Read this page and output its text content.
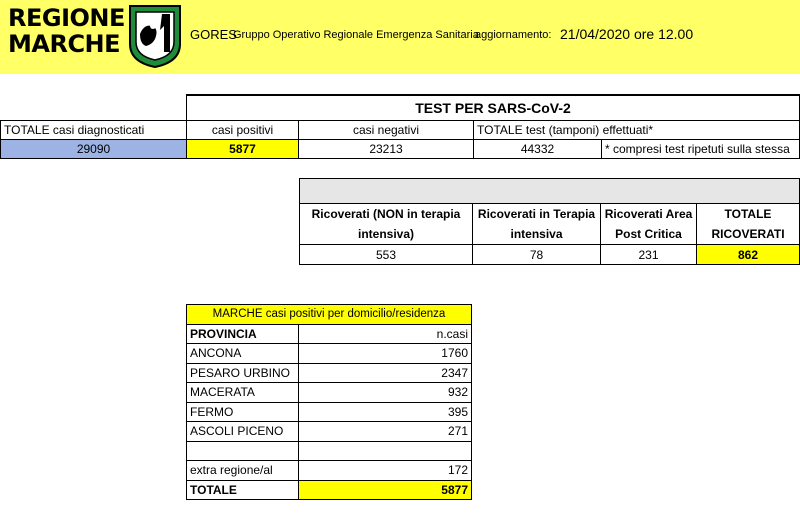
REGIONE
MARCHE	GORES
Gruppo Operativo Regionale Emergenza Sanitaria
aggiornamento: 21/04/2020 ore 12.00
	TEST PER SARS-CoV-2			
TOTALE casi diagnosticati	casi positivi	casi negativi	TOTALE test (tamponi) effettuati*	
29090	5877	23213	44332	* compresi test ripetuti sulla stessa

Ricoverati (NON in terapia intensiva)	Ricoverati in Terapia intensiva	Ricoverati Area Post Critica	TOTALE RICOVERATI
553	78	231	862
MARCHE casi positivi per domicilio/residenza	
PROVINCIA	n.casi
ANCONA	1760
PESARO URBINO	2347
MACERATA	932
FERMO	395
ASCOLI PICENO	271

extra regione/al	172
TOTALE	5877
